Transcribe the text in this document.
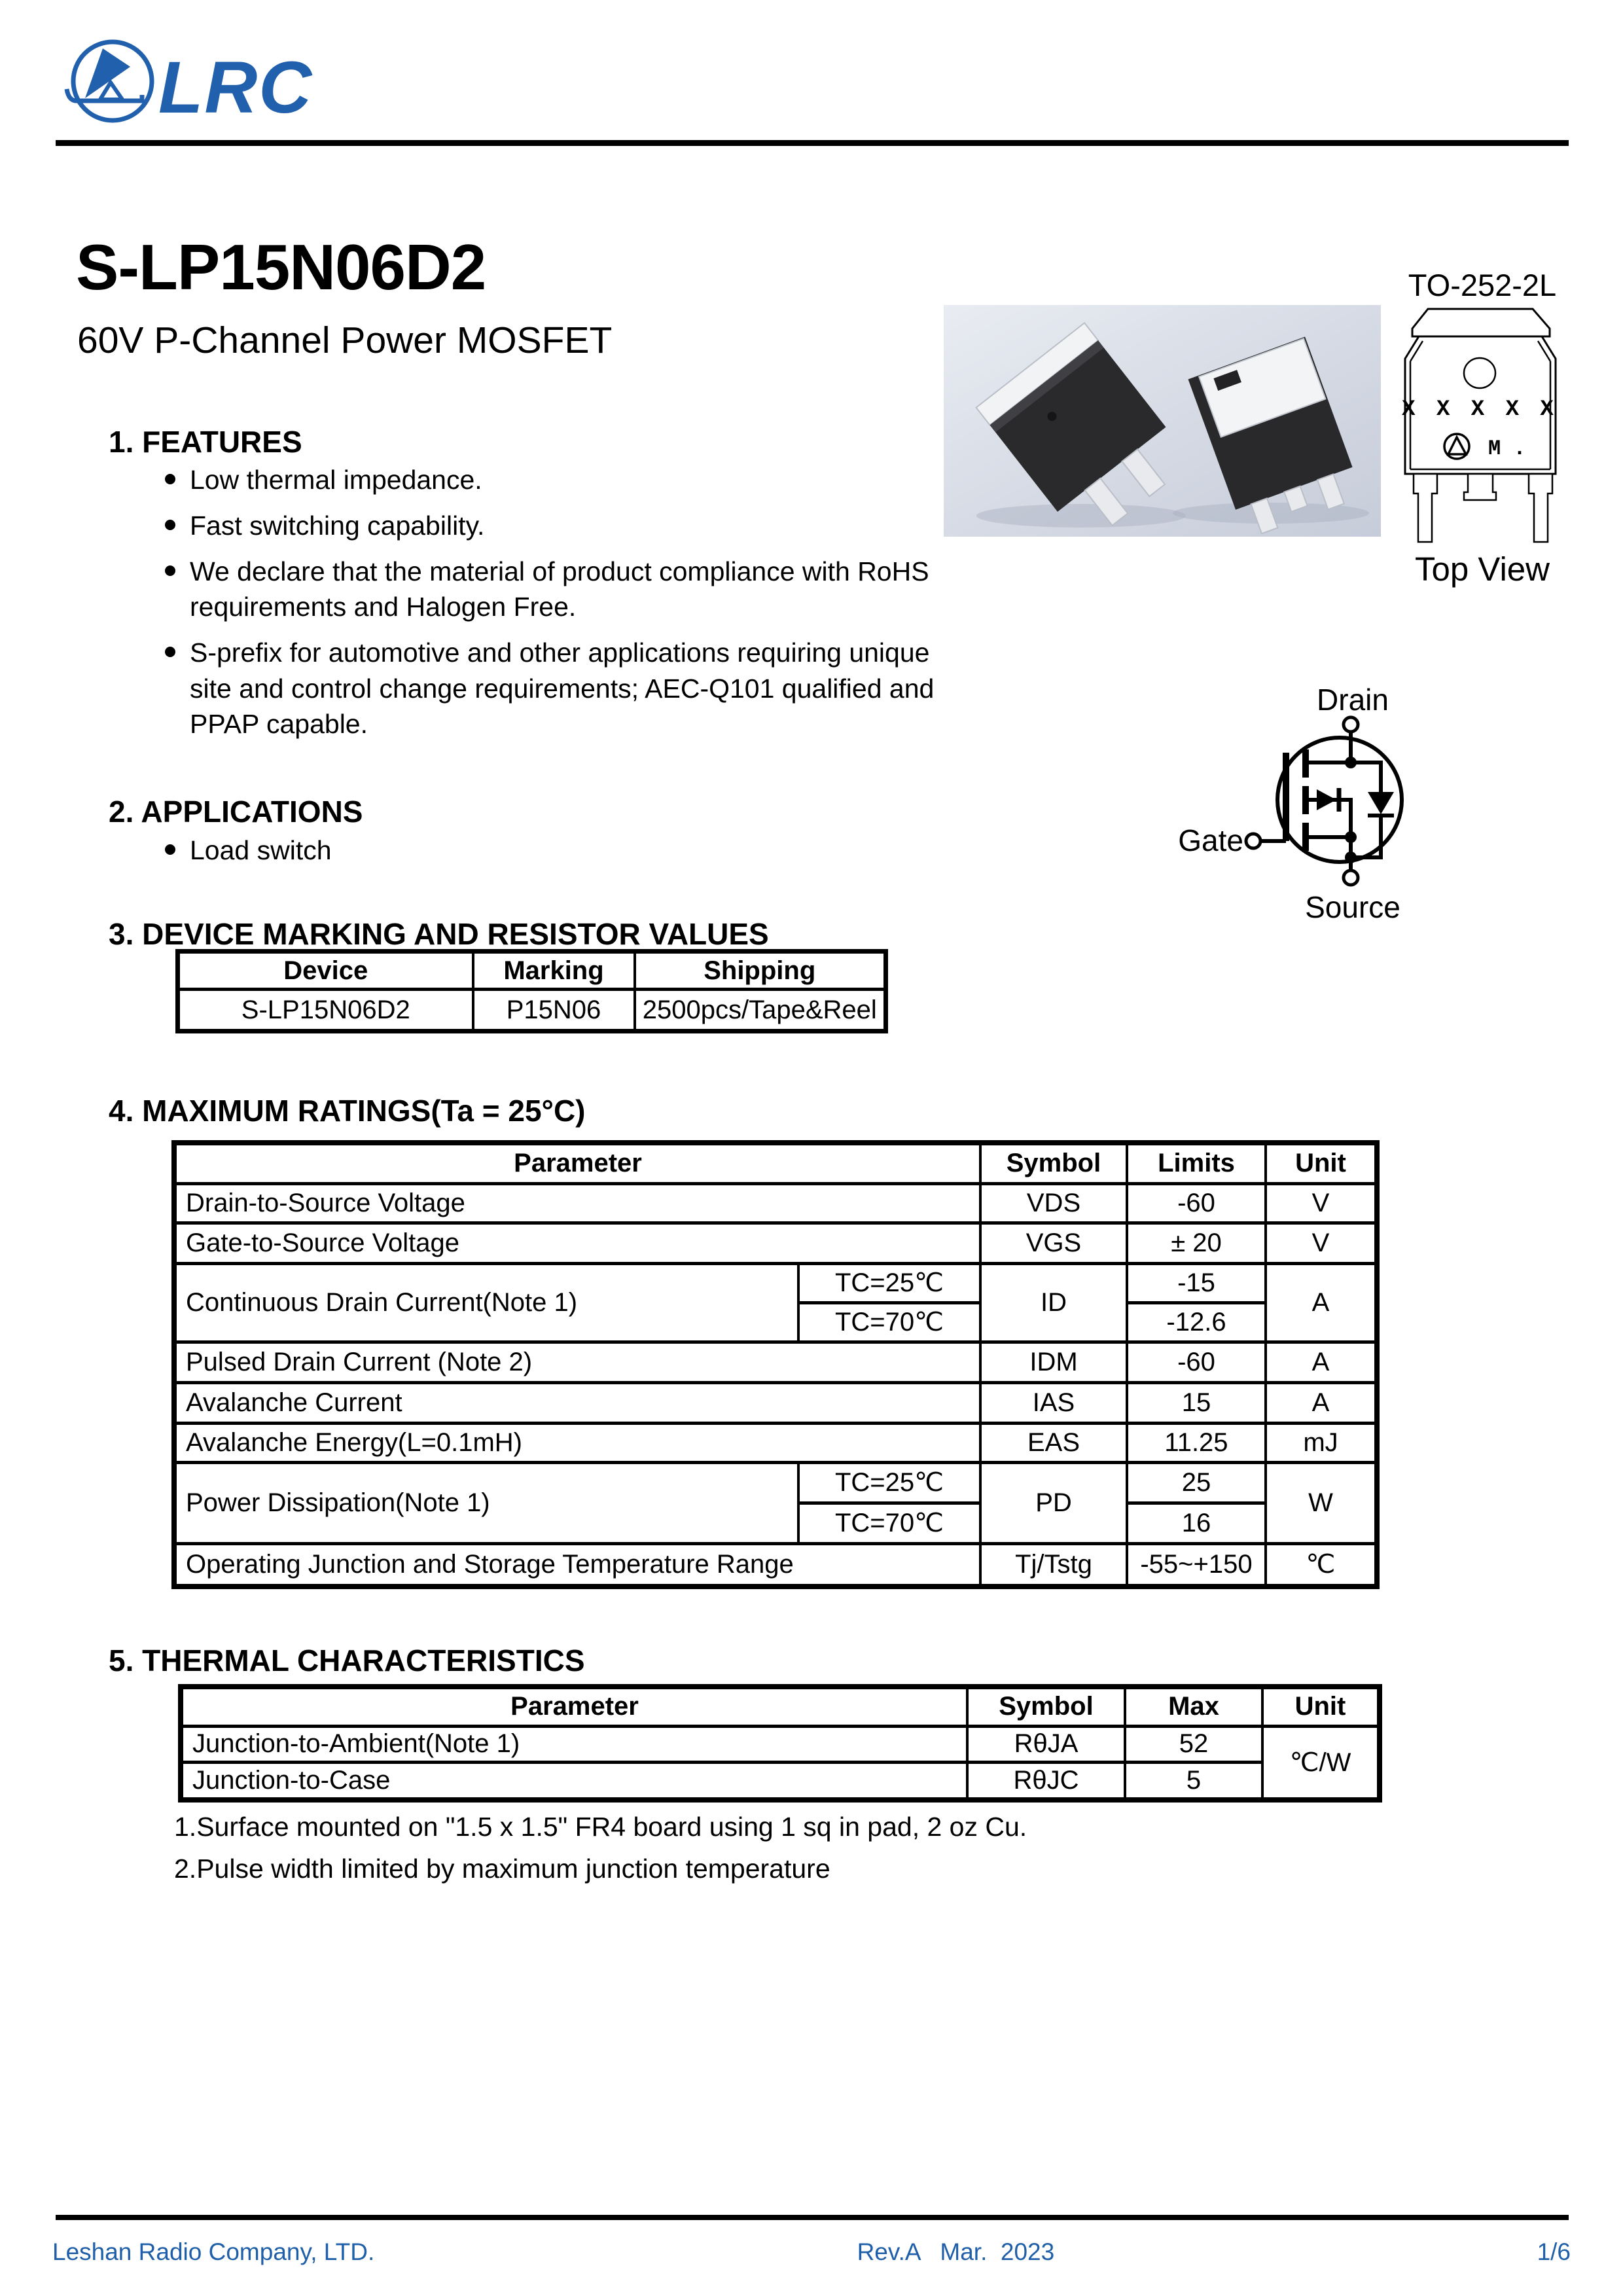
LRC
S-LP15N06D2
60V P-Channel Power MOSFET
TO-252-2L
X X X X X
M .
Top View
1. FEATURES
Low thermal impedance.
Fast switching capability.
We declare that the material of product compliance with RoHS requirements and Halogen Free.
S-prefix for automotive and other applications requiring unique site and control change requirements; AEC-Q101 qualified and PPAP capable.
2. APPLICATIONS
Load switch
Drain
Gate
Source
3. DEVICE MARKING AND RESISTOR VALUES
Device	Marking	Shipping
S-LP15N06D2	P15N06	2500pcs/Tape&Reel
4. MAXIMUM RATINGS(Ta = 25°C)
Parameter		Symbol	Limits	Unit
Drain-to-Source Voltage		VDS	-60	V
Gate-to-Source Voltage		VGS	± 20	V
Continuous Drain Current(Note 1)	TC=25℃	ID	-15	A
	TC=70℃		-12.6	
Pulsed Drain Current (Note 2)		IDM	-60	A
Avalanche Current		IAS	15	A
Avalanche Energy(L=0.1mH)		EAS	11.25	mJ
Power Dissipation(Note 1)	TC=25℃	PD	25	W
	TC=70℃		16	
Operating Junction and Storage Temperature Range		Tj/Tstg	-55~+150	℃
5. THERMAL CHARACTERISTICS
Parameter	Symbol	Max	Unit
Junction-to-Ambient(Note 1)	RθJA	52	℃/W
Junction-to-Case	RθJC	5	
1.Surface mounted on "1.5 x 1.5" FR4 board using 1 sq in pad, 2 oz Cu.
2.Pulse width limited by maximum junction temperature
Leshan Radio Company, LTD.	Rev.A   Mar.  2023	1/6
